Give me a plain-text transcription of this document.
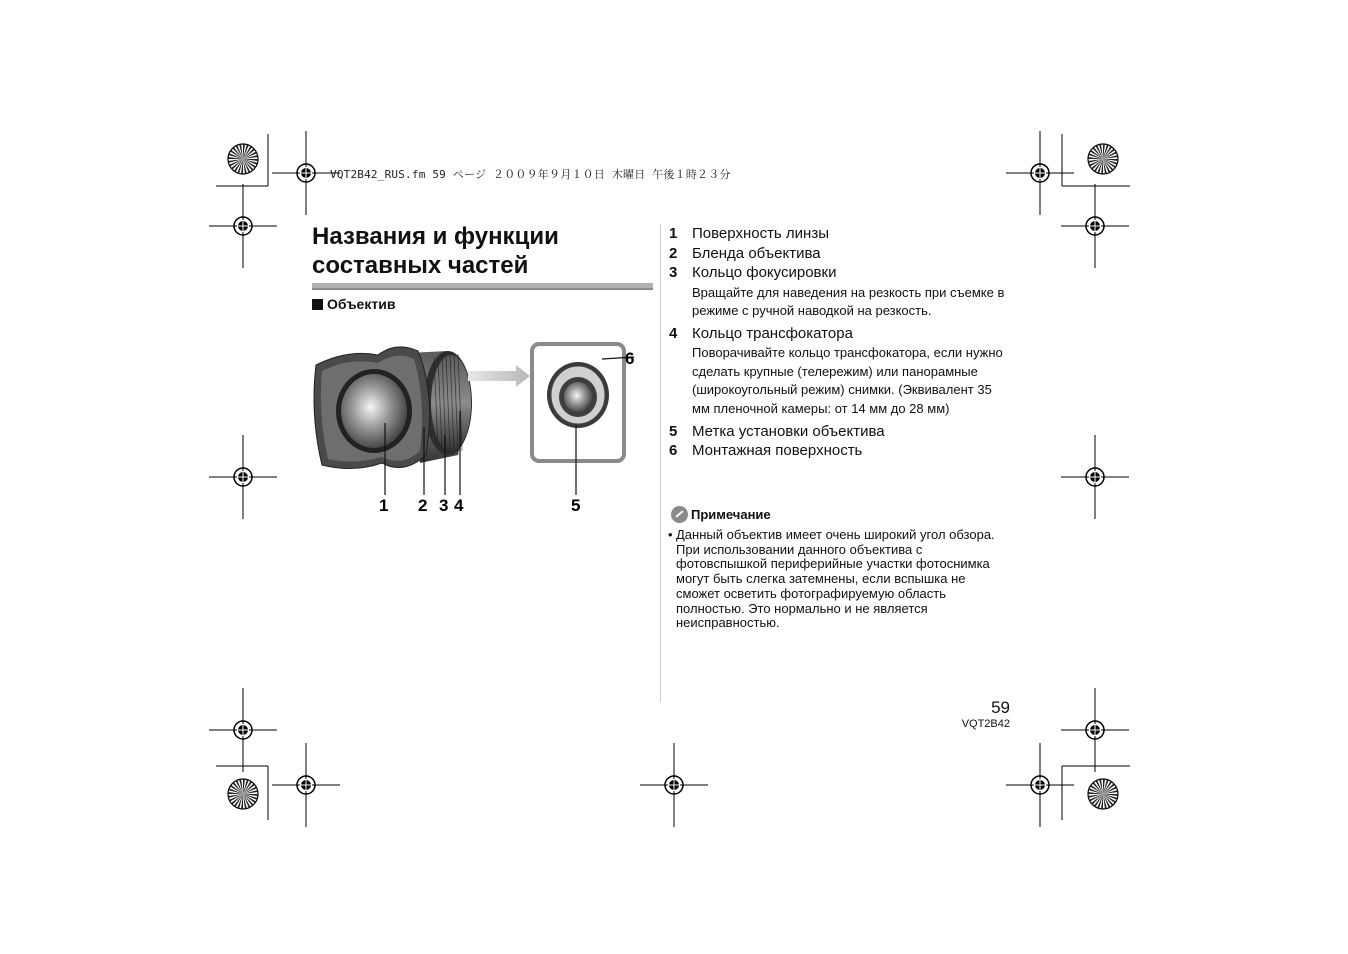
VQT2B42_RUS.fm 59 ページ ２００９年９月１０日 木曜日 午後１時２３分
Названия и функции составных частей
Объектив
1 2 3 4	5
6
1 Поверхность линзы
2 Бленда объектива
3 Кольцо фокусировки
Вращайте для наведения на резкость при съемке в режиме с ручной наводкой на резкость.
4 Кольцо трансфокатора
Поворачивайте кольцо трансфокатора, если нужно сделать крупные (телережим) или панорамные (широкоугольный режим) снимки. (Эквивалент 35 мм пленочной камеры: от 14 мм до 28 мм)
5 Метка установки объектива
6 Монтажная поверхность
Примечание
• Данный объектив имеет очень широкий угол обзора. При использовании данного объектива с фотовспышкой периферийные участки фотоснимка могут быть слегка затемнены, если вспышка не сможет осветить фотографируемую область полностью. Это нормально и не является неисправностью.
59
VQT2B42
